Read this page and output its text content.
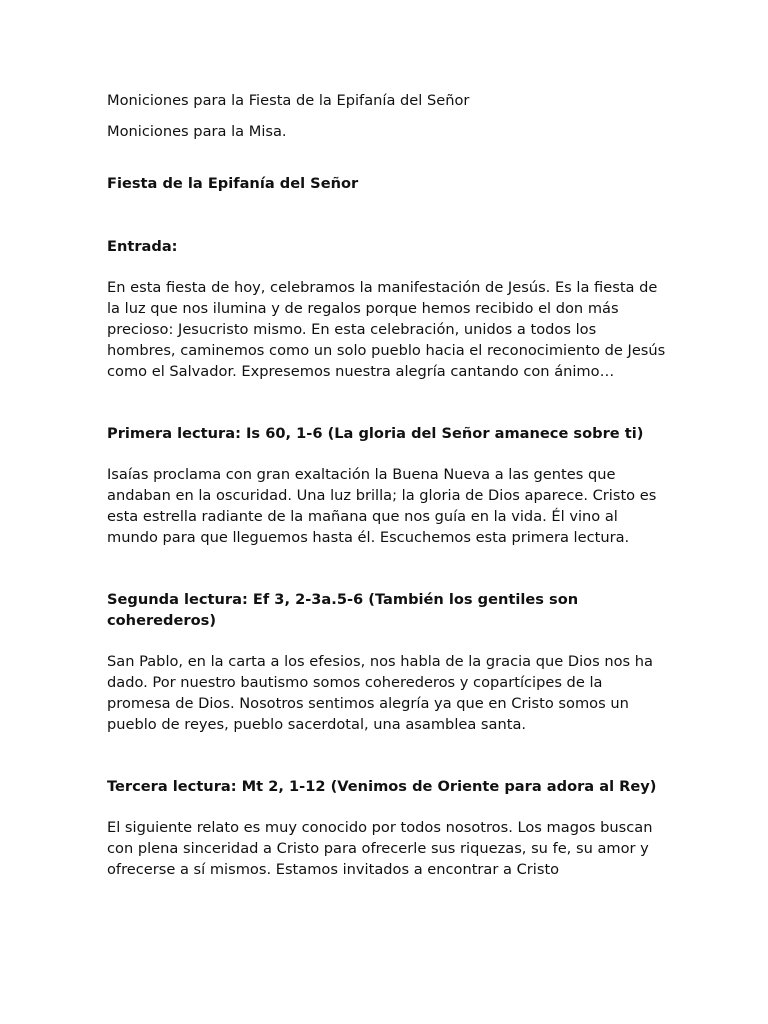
Moniciones para la Fiesta de la Epifanía del Señor

Moniciones para la Misa.

Fiesta de la Epifanía del Señor

Entrada:

En esta fiesta de hoy, celebramos la manifestación de Jesús. Es la fiesta de la luz que nos ilumina y de regalos porque hemos recibido el don más precioso: Jesucristo mismo. En esta celebración, unidos a todos los hombres, caminemos como un solo pueblo hacia el reconocimiento de Jesús como el Salvador. Expresemos nuestra alegría cantando con ánimo…

Primera lectura: Is 60, 1-6 (La gloria del Señor amanece sobre ti)

Isaías proclama con gran exaltación la Buena Nueva a las gentes que andaban en la oscuridad. Una luz brilla; la gloria de Dios aparece. Cristo es esta estrella radiante de la mañana que nos guía en la vida. Él vino al mundo para que lleguemos hasta él. Escuchemos esta primera lectura.

Segunda lectura: Ef 3, 2-3a.5-6 (También los gentiles son coherederos)

San Pablo, en la carta a los efesios, nos habla de la gracia que Dios nos ha dado. Por nuestro bautismo somos coherederos y copartícipes de la promesa de Dios. Nosotros sentimos alegría ya que en Cristo somos un pueblo de reyes, pueblo sacerdotal, una asamblea santa.

Tercera lectura: Mt 2, 1-12 (Venimos de Oriente para adora al Rey)

El siguiente relato es muy conocido por todos nosotros. Los magos buscan con plena sinceridad a Cristo para ofrecerle sus riquezas, su fe, su amor y ofrecerse a sí mismos. Estamos invitados a encontrar a Cristo
